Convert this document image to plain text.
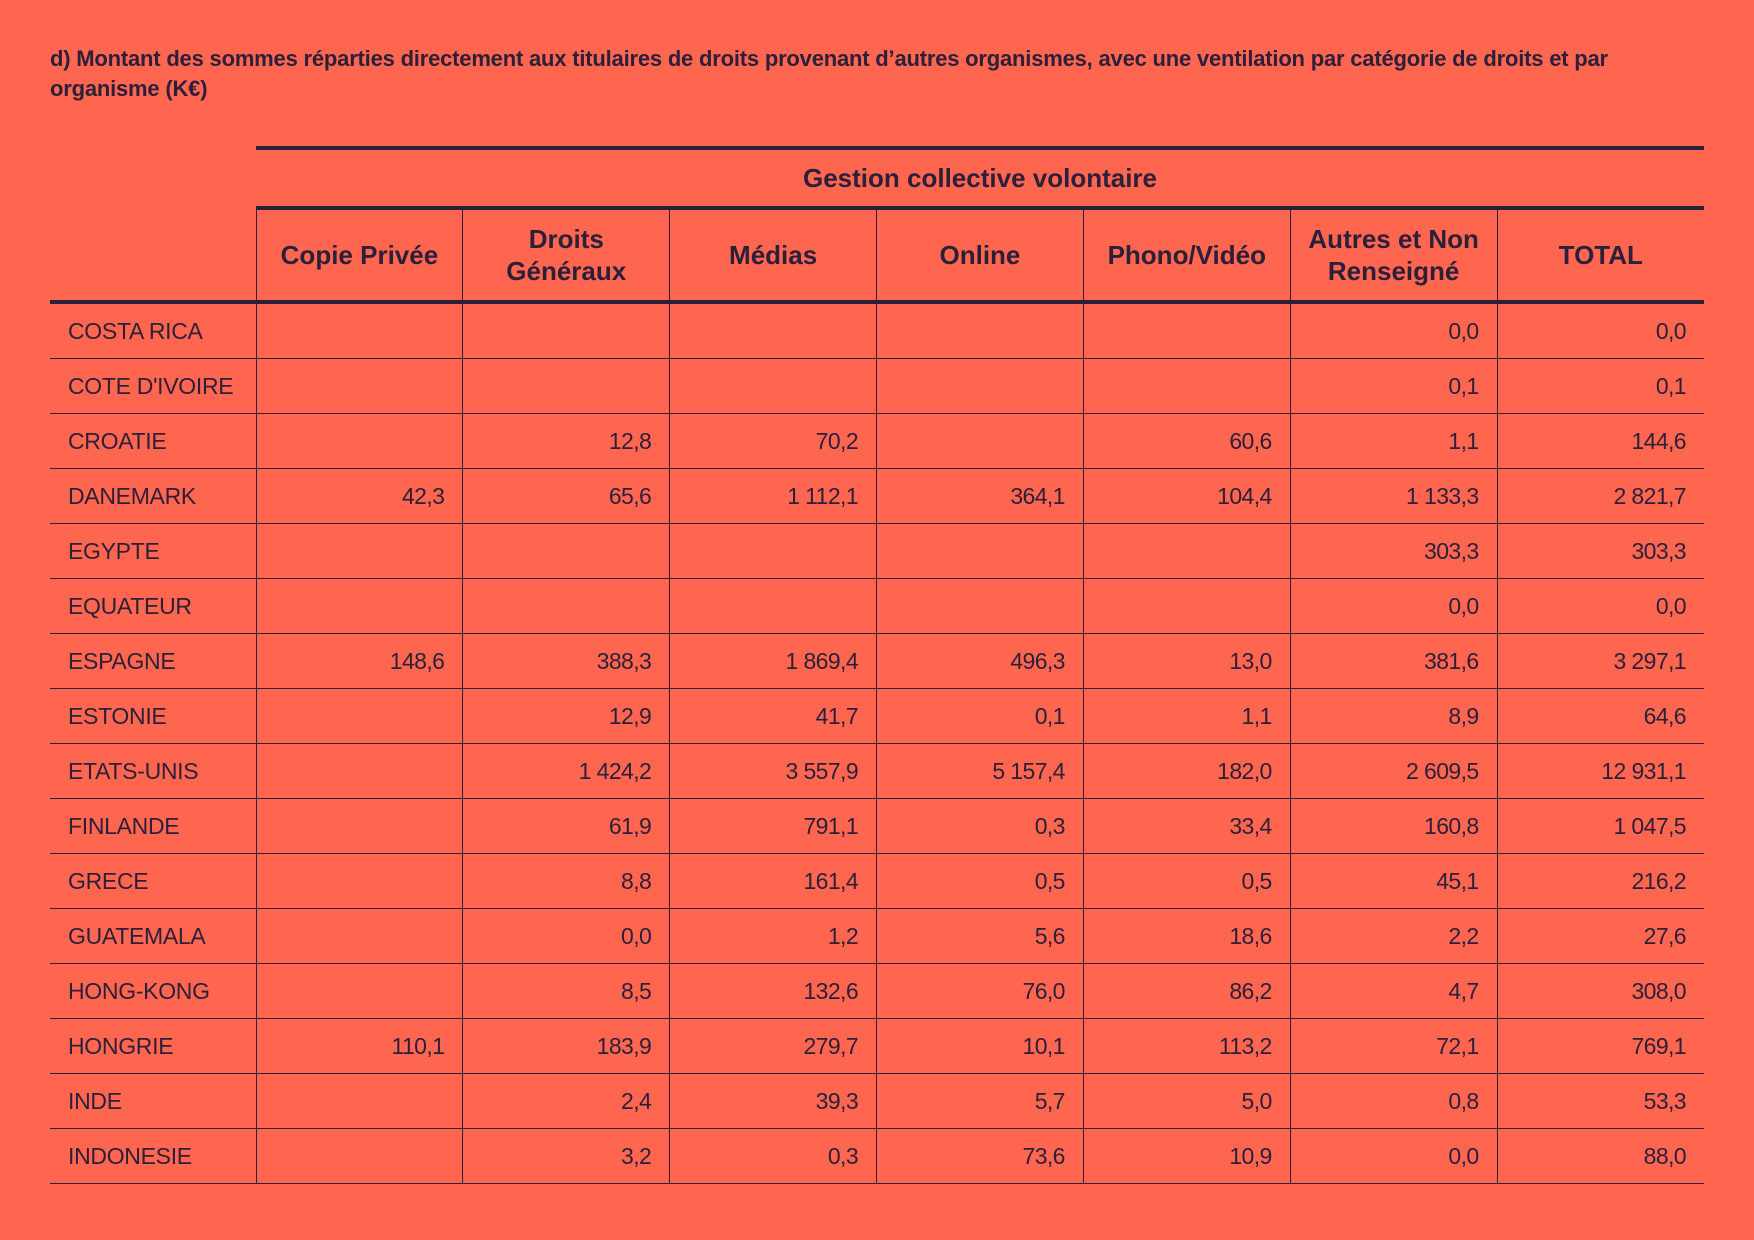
d) Montant des sommes réparties directement aux titulaires de droits provenant d’autres organismes, avec une ventilation par catégorie de droits et par organisme (K€)
	Gestion collective volontaire						
	Copie Privée	Droits Généraux	Médias	Online	Phono/Vidéo	Autres et Non Renseigné	TOTAL
COSTA RICA						0,0	0,0
COTE D'IVOIRE						0,1	0,1
CROATIE		12,8	70,2		60,6	1,1	144,6
DANEMARK	42,3	65,6	1 112,1	364,1	104,4	1 133,3	2 821,7
EGYPTE						303,3	303,3
EQUATEUR						0,0	0,0
ESPAGNE	148,6	388,3	1 869,4	496,3	13,0	381,6	3 297,1
ESTONIE		12,9	41,7	0,1	1,1	8,9	64,6
ETATS-UNIS		1 424,2	3 557,9	5 157,4	182,0	2 609,5	12 931,1
FINLANDE		61,9	791,1	0,3	33,4	160,8	1 047,5
GRECE		8,8	161,4	0,5	0,5	45,1	216,2
GUATEMALA		0,0	1,2	5,6	18,6	2,2	27,6
HONG-KONG		8,5	132,6	76,0	86,2	4,7	308,0
HONGRIE	110,1	183,9	279,7	10,1	113,2	72,1	769,1
INDE		2,4	39,3	5,7	5,0	0,8	53,3
INDONESIE		3,2	0,3	73,6	10,9	0,0	88,0
